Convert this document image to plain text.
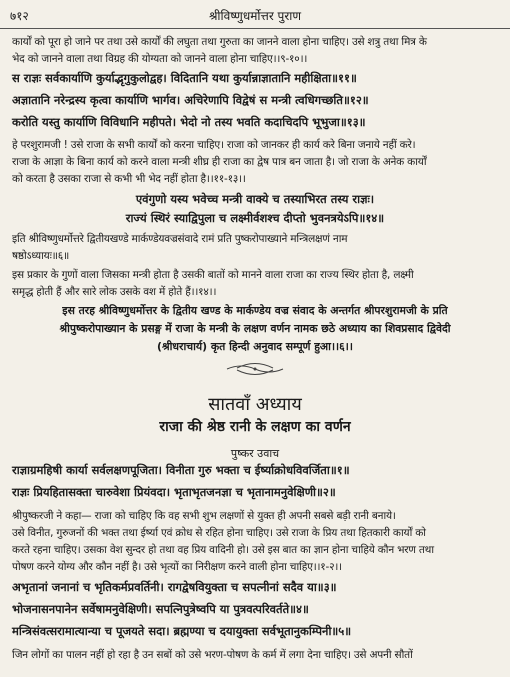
७१२	श्रीविष्णुधर्मोत्तर पुराण
कार्यों को पूरा हो जाने पर तथा उसे कार्यों की लघुता तथा गुरुता का जानने वाला होना चाहिए। उसे शत्रु तथा मित्र के
भेद को जानने वाला तथा विग्रह की योग्यता को जानने वाला होना चाहिए।।९-१०।।
स राज्ञः सर्वकार्याणि कुर्याद्भृगुकुलोद्वह। विदितानि यथा कुर्यान्नाज्ञातानि महीक्षिता॥११॥
अज्ञातानि नरेन्द्रस्य कृत्वा कार्याणि भार्गव। अचिरेणापि विद्वेषं स मन्त्री त्वधिगच्छति॥१२॥
करोति यस्तु कार्याणि विविधानि महीपते। भेदो नो तस्य भवति कदाचिदपि भूभुजा॥१३॥
हे परशुरामजी ! उसे राजा के सभी कार्यों को करना चाहिए। राजा को जानकर ही कार्य करे बिना जनाये नहीं करे।
राजा के आज्ञा के बिना कार्य को करने वाला मन्त्री शीघ्र ही राजा का द्वेष पात्र बन जाता है। जो राजा के अनेक कार्यों
को करता है उसका राजा से कभी भी भेद नहीं होता है।।११-१३।।
एवंगुणो यस्य भवेच्च मन्त्री वाक्ये च तस्याभिरत तस्य राज्ञः।
राज्यं स्थिरं स्याद्विपुला च लक्ष्मीर्वशश्च दीप्तो भुवनत्रयेऽपि॥१४॥
इति श्रीविष्णुधर्मोत्तरे द्वितीयखण्डे मार्कण्डेयवज्रसंवादे रामं प्रति पुष्करोपाख्याने मन्त्रिलक्षणं नाम
षष्ठोऽध्यायः॥६॥
इस प्रकार के गुणों वाला जिसका मन्त्री होता है उसकी बातों को मानने वाला राजा का राज्य स्थिर होता है, लक्ष्मी
समृद्ध होती हैं और सारे लोक उसके वश में होते हैं।।१४।।
इस तरह श्रीविष्णुधर्मोत्तर के द्वितीय खण्ड के मार्कण्डेय वज्र संवाद के अन्तर्गत श्रीपरशुरामजी के प्रति
श्रीपुष्करोपाख्यान के प्रसङ्ग में राजा के मन्त्री के लक्षण वर्णन नामक छठे अध्याय का शिवप्रसाद द्विवेदी
(श्रीधराचार्य) कृत हिन्दी अनुवाद सम्पूर्ण हुआ।।६।।
सातवाँ अध्याय
राजा की श्रेष्ठ रानी के लक्षण का वर्णन
पुष्कर उवाच
राज्ञाग्रमहिषी कार्या सर्वलक्षणपूजिता। विनीता गुरु भक्ता च ईर्ष्याक्रोधविवर्जिता॥१॥
राज्ञः प्रियहितासक्ता चारुवेशा प्रियंवदा। भृताभृतजनज्ञा च भृतानामनुवेक्षिणी॥२॥
श्रीपुष्करजी ने कहा— राजा को चाहिए कि वह सभी शुभ लक्षणों से युक्त ही अपनी सबसे बड़ी रानी बनाये।
उसे विनीत, गुरुजनों की भक्त तथा ईर्ष्या एवं क्रोध से रहित होना चाहिए। उसे राजा के प्रिय तथा हितकारी कार्यों को
करते रहना चाहिए। उसका वेश सुन्दर हो तथा वह प्रिय वादिनी हो। उसे इस बात का ज्ञान होना चाहिये कौन भरण तथा
पोषण करने योग्य और कौन नहीं है। उसे भृत्यों का निरीक्षण करने वाली होना चाहिए।।१-२।।
अभृतानां जनानां च भृतिकर्मप्रवर्तिनी। रागद्वेषवियुक्ता च सपत्नीनां सदैव या॥३॥
भोजनासनपानेन सर्वेषामनुवेक्षिणी। सपत्निपुत्रेष्वपि या पुत्रवत्परिवर्तते॥४॥
मन्त्रिसंवत्सरामात्यान्या च पूजयते सदा। ब्रह्मण्या च दयायुक्ता सर्वभूतानुकम्पिनी॥५॥
जिन लोगों का पालन नहीं हो रहा है उन सबों को उसे भरण-पोषण के कर्म में लगा देना चाहिए। उसे अपनी सौतों
